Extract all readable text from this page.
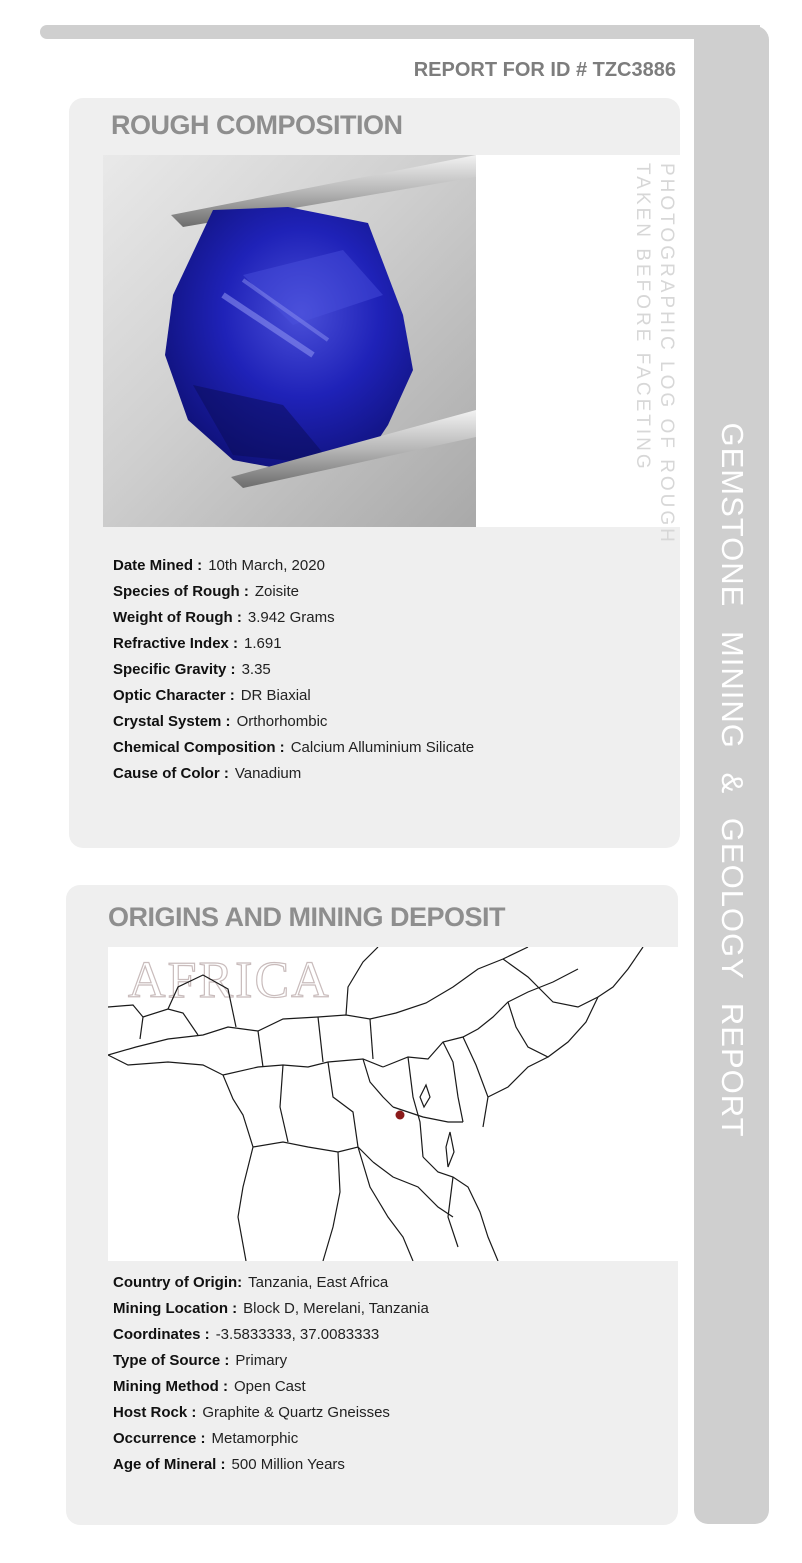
GEMSTONE MINING & GEOLOGY REPORT
REPORT FOR ID # TZC3886
ROUGH COMPOSITION
PHOTOGRAPHIC LOG OF ROUGH
TAKEN BEFORE FACETING
Date Mined : 10th March, 2020
Species of Rough : Zoisite
Weight of Rough : 3.942 Grams
Refractive Index : 1.691
Specific Gravity : 3.35
Optic Character : DR Biaxial
Crystal System : Orthorhombic
Chemical Composition : Calcium Alluminium Silicate
Cause of Color : Vanadium
ORIGINS AND MINING DEPOSIT
AFRICA
Country of Origin: Tanzania, East Africa
Mining Location : Block D, Merelani, Tanzania
Coordinates : -3.5833333, 37.0083333
Type of Source : Primary
Mining Method : Open Cast
Host Rock : Graphite & Quartz Gneisses
Occurrence : Metamorphic
Age of Mineral : 500 Million Years
